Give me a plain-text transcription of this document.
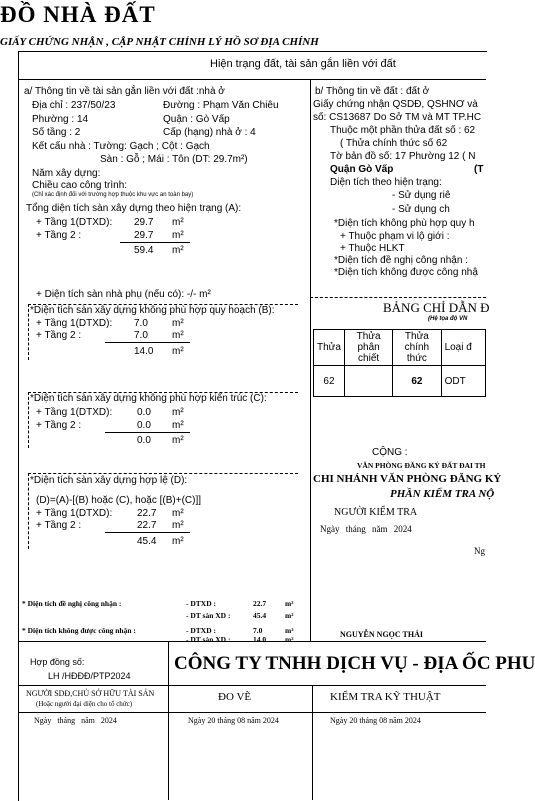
ĐỒ NHÀ ĐẤT
GIẤY CHỨNG NHẬN , CẬP NHẬT CHỈNH LÝ HỒ SƠ ĐỊA CHÍNH
Hiện trạng đất, tài sản gắn liền với đất
a/ Thông tin về tài sản gắn liền với đất :nhà ở
Địa chỉ : 237/50/23	Đường : Phạm Văn Chiêu
Phường : 14	Quận : Gò Vấp
Số tầng : 2	Cấp (hạng) nhà ở : 4
Kết cấu nhà : Tường: Gạch ; Cột : Gạch
Sàn : Gỗ ; Mái : Tôn (DT: 29.7m²)
Năm xây dựng:
Chiều cao công trình:
(Chỉ xác định đối với trường hợp thuộc khu vực an toàn bay)
Tổng diện tích sàn xây dựng theo hiện trạng (A):
+ Tầng 1(DTXD): 29.7 m²
+ Tầng 2 :	29.7 m²
59.4 m²
+ Diện tích sàn nhà phụ (nếu có): -/- m²
*Diện tích sàn xây dựng không phù hợp quy hoạch (B):
+ Tầng 1(DTXD): 7.0 m²
+ Tầng 2 :	7.0 m²
14.0 m²
*Diện tích sàn xây dựng không phù hợp kiến trúc (C):
+ Tầng 1(DTXD): 0.0 m²
+ Tầng 2 :	0.0 m²
0.0 m²
*Diện tích sàn xây dựng hợp lệ (D):
(D)=(A)-[(B) hoặc (C), hoặc [(B)+(C)]]
+ Tầng 1(DTXD): 22.7 m²
+ Tầng 2 :	22.7 m²
45.4 m²
* Diện tích đề nghị công nhận :	- DTXD :	22.7	m²
- DT sàn XD :	45.4	m²
* Diện tích không được công nhận :	- DTXD :	7.0	m²
- DT sàn XD :	14.0	m²
b/ Thông tin về đất : đất ở
Giấy chứng nhận QSDĐ, QSHNƠ và
số: CS13687 Do Sở TM và MT TP.HC
Thuộc một phần thửa đất số : 62
( Thửa chính thức số 62
Tờ bản đồ số: 17 Phường 12 ( N
Quận Gò Vấp	(T
Diện tích theo hiện trạng:
- Sử dụng riê
- Sử dụng ch
*Diện tích không phù hợp quy h
+ Thuộc phạm vi lộ giới :
+ Thuộc HLKT
*Diện tích đề nghị công nhận :
*Diện tích không được công nhậ
BẢNG CHỈ DẪN Đ
(Hệ tọa độ VN
Thửa	Thửa phân chiết	Thửa chính thức	Loại đ
62		62	ODT
CỘNG :
VĂN PHÒNG ĐĂNG KÝ ĐẤT ĐAI TH
CHI NHÁNH VĂN PHÒNG ĐĂNG KÝ
PHẦN KIỂM TRA NỘ
NGƯỜI KIỂM TRA
Ngày tháng năm 2024
Ng
NGUYỄN NGỌC THÁI
Hợp đồng số:
LH /HĐĐĐ/PTP2024
CÔNG TY TNHH DỊCH VỤ - ĐỊA ỐC PHU
NGƯỜI SDĐ,CHỦ SỞ HỮU TÀI SẢN
(Hoặc người đại diện cho tổ chức)
ĐO VẼ	KIỂM TRA KỸ THUẬT
Ngày tháng năm 2024	Ngày 20 tháng 08 năm 2024	Ngày 20 tháng 08 năm 2024
